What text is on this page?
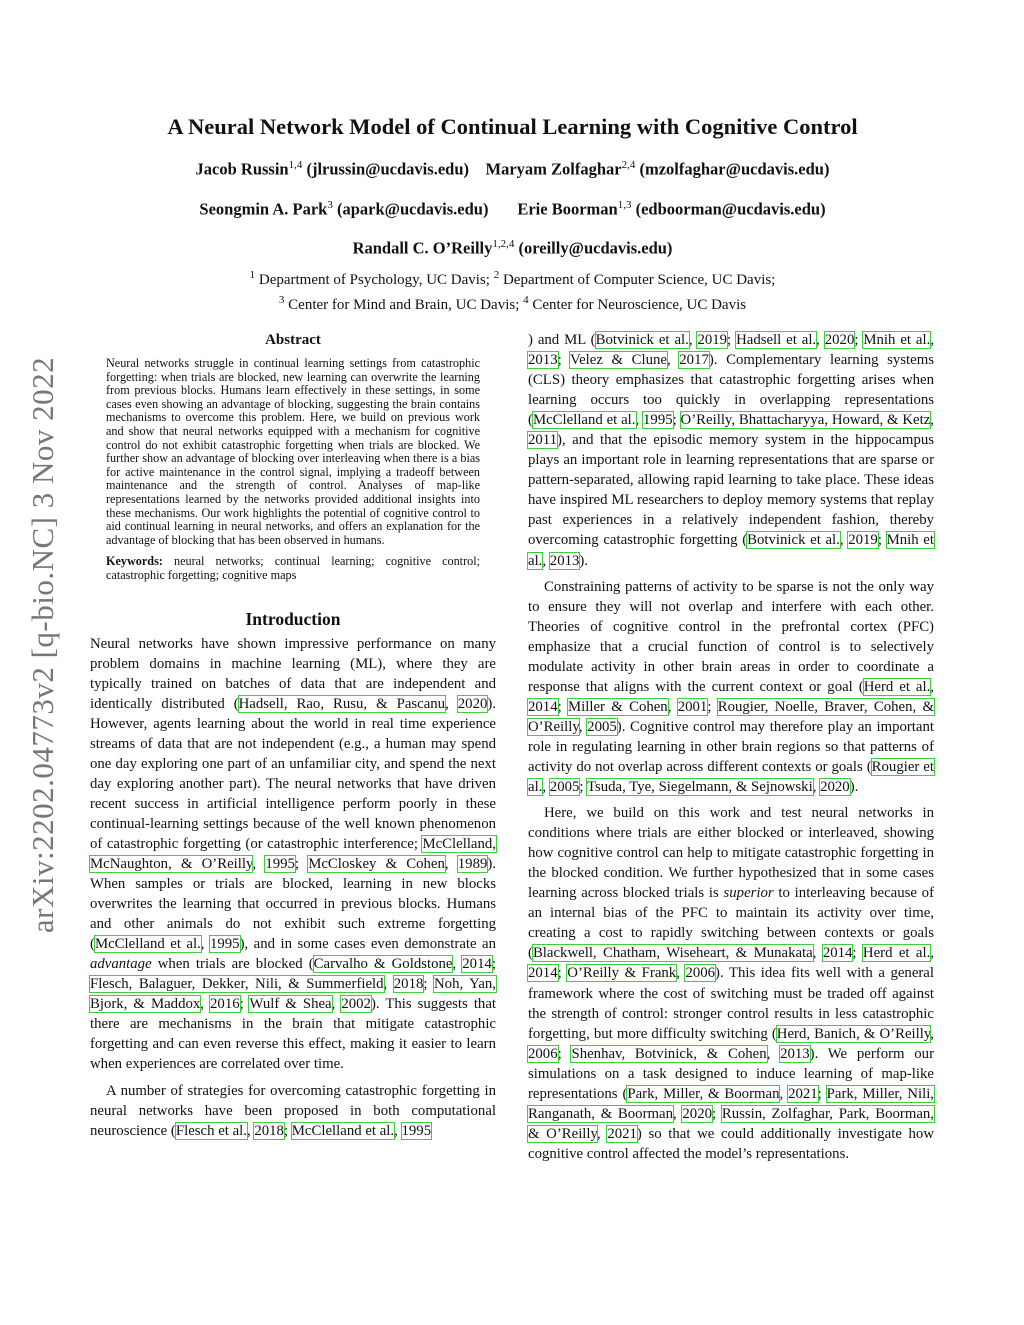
arXiv:2202.04773v2 [q-bio.NC] 3 Nov 2022
A Neural Network Model of Continual Learning with Cognitive Control
Jacob Russin$^{1,4}$ (jlrussin@ucdavis.edu) Maryam Zolfaghar$^{2,4}$ (mzolfaghar@ucdavis.edu)
Seongmin A. Park$^3$ (apark@ucdavis.edu) Erie Boorman$^{1,3}$ (edboorman@ucdavis.edu)
Randall C. O’Reilly$^{1,2,4}$ (oreilly@ucdavis.edu)
$^1$ Department of Psychology, UC Davis; $^2$ Department of Computer Science, UC Davis;
$^3$ Center for Mind and Brain, UC Davis; $^4$ Center for Neuroscience, UC Davis
Abstract
Neural networks struggle in continual learning settings from catastrophic forgetting: when trials are blocked, new learning can overwrite the learning from previous blocks. Humans learn effectively in these settings, in some cases even showing an advantage of blocking, suggesting the brain contains mechanisms to overcome this problem. Here, we build on previous work and show that neural networks equipped with a mechanism for cognitive control do not exhibit catastrophic forgetting when trials are blocked. We further show an advantage of blocking over interleaving when there is a bias for active maintenance in the control signal, implying a tradeoff between maintenance and the strength of control. Analyses of map-like representations learned by the networks provided additional insights into these mechanisms. Our work highlights the potential of cognitive control to aid continual learning in neural networks, and offers an explanation for the advantage of blocking that has been observed in humans.
Keywords: neural networks; continual learning; cognitive control; catastrophic forgetting; cognitive maps
Introduction
Neural networks have shown impressive performance on many problem domains in machine learning (ML), where they are typically trained on batches of data that are independent and identically distributed (Hadsell, Rao, Rusu, & Pascanu, 2020). However, agents learning about the world in real time experience streams of data that are not independent (e.g., a human may spend one day exploring one part of an unfamiliar city, and spend the next day exploring another part). The neural networks that have driven recent success in artificial intelligence perform poorly in these continual-learning settings because of the well known phenomenon of catastrophic forgetting (or catastrophic interference; McClelland, McNaughton, & O’Reilly, 1995; McCloskey & Cohen, 1989). When samples or trials are blocked, learning in new blocks overwrites the learning that occurred in previous blocks. Humans and other animals do not exhibit such extreme forgetting (McClelland et al., 1995), and in some cases even demonstrate an advantage when trials are blocked (Carvalho & Goldstone, 2014; Flesch, Balaguer, Dekker, Nili, & Summerfield, 2018; Noh, Yan, Bjork, & Maddox, 2016; Wulf & Shea, 2002). This suggests that there are mechanisms in the brain that mitigate catastrophic forgetting and can even reverse this effect, making it easier to learn when experiences are correlated over time.
A number of strategies for overcoming catastrophic forgetting in neural networks have been proposed in both computational neuroscience (Flesch et al., 2018; McClelland et al., 1995
) and ML (Botvinick et al., 2019; Hadsell et al., 2020; Mnih et al., 2013; Velez & Clune, 2017). Complementary learning systems (CLS) theory emphasizes that catastrophic forgetting arises when learning occurs too quickly in overlapping representations (McClelland et al., 1995; O’Reilly, Bhattacharyya, Howard, & Ketz, 2011), and that the episodic memory system in the hippocampus plays an important role in learning representations that are sparse or pattern-separated, allowing rapid learning to take place. These ideas have inspired ML researchers to deploy memory systems that replay past experiences in a relatively independent fashion, thereby overcoming catastrophic forgetting (Botvinick et al., 2019; Mnih et al., 2013).
Constraining patterns of activity to be sparse is not the only way to ensure they will not overlap and interfere with each other. Theories of cognitive control in the prefrontal cortex (PFC) emphasize that a crucial function of control is to selectively modulate activity in other brain areas in order to coordinate a response that aligns with the current context or goal (Herd et al., 2014; Miller & Cohen, 2001; Rougier, Noelle, Braver, Cohen, & O’Reilly, 2005). Cognitive control may therefore play an important role in regulating learning in other brain regions so that patterns of activity do not overlap across different contexts or goals (Rougier et al., 2005; Tsuda, Tye, Siegelmann, & Sejnowski, 2020).
Here, we build on this work and test neural networks in conditions where trials are either blocked or interleaved, showing how cognitive control can help to mitigate catastrophic forgetting in the blocked condition. We further hypothesized that in some cases learning across blocked trials is superior to interleaving because of an internal bias of the PFC to maintain its activity over time, creating a cost to rapidly switching between contexts or goals (Blackwell, Chatham, Wiseheart, & Munakata, 2014; Herd et al., 2014; O’Reilly & Frank, 2006). This idea fits well with a general framework where the cost of switching must be traded off against the strength of control: stronger control results in less catastrophic forgetting, but more difficulty switching (Herd, Banich, & O’Reilly, 2006; Shenhav, Botvinick, & Cohen, 2013). We perform our simulations on a task designed to induce learning of map-like representations (Park, Miller, & Boorman, 2021; Park, Miller, Nili, Ranganath, & Boorman, 2020; Russin, Zolfaghar, Park, Boorman, & O’Reilly, 2021) so that we could additionally investigate how cognitive control affected the model’s representations.
